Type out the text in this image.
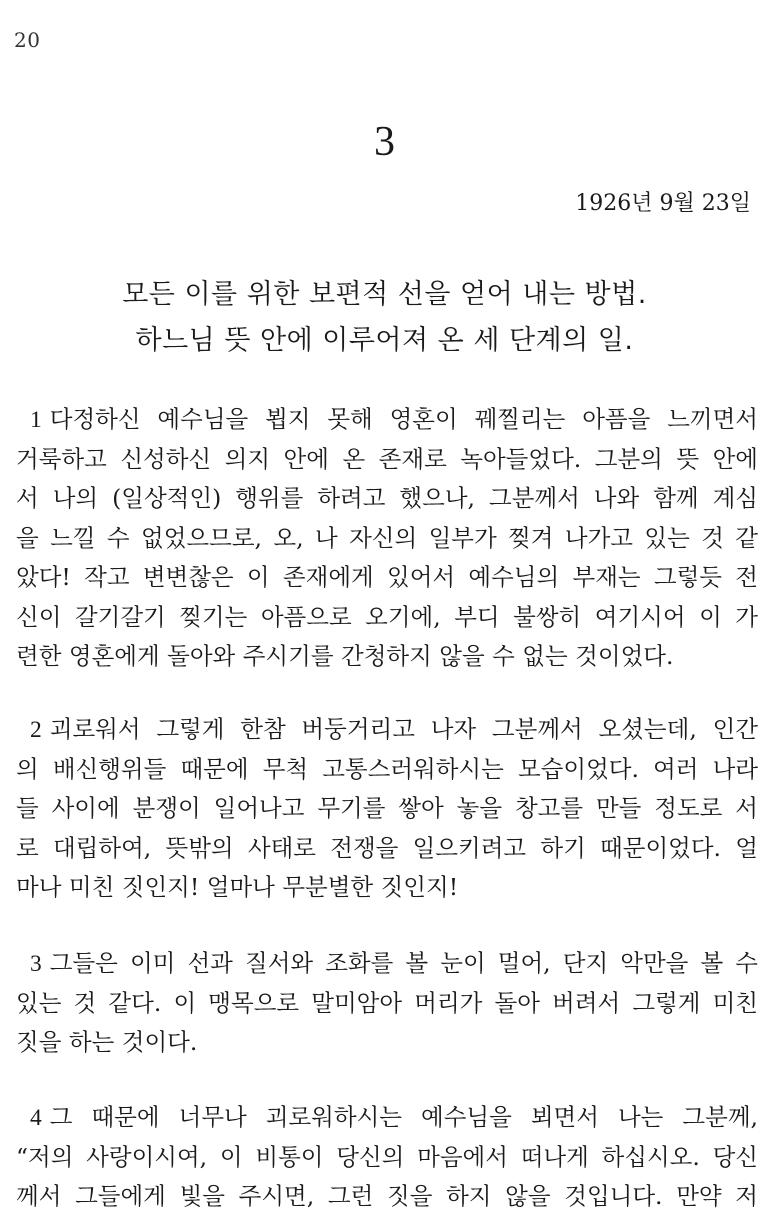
20
3
1926년 9월 23일
모든 이를 위한 보편적 선을 얻어 내는 방법.
하느님 뜻 안에 이루어져 온 세 단계의 일.
1 다정하신 예수님을 뵙지 못해 영혼이 꿰찔리는 아픔을 느끼면서
거룩하고 신성하신 의지 안에 온 존재로 녹아들었다. 그분의 뜻 안에
서 나의 (일상적인) 행위를 하려고 했으나, 그분께서 나와 함께 계심
을 느낄 수 없었으므로, 오, 나 자신의 일부가 찢겨 나가고 있는 것 같
았다! 작고 변변찮은 이 존재에게 있어서 예수님의 부재는 그렇듯 전
신이 갈기갈기 찢기는 아픔으로 오기에, 부디 불쌍히 여기시어 이 가
련한 영혼에게 돌아와 주시기를 간청하지 않을 수 없는 것이었다.
2 괴로워서 그렇게 한참 버둥거리고 나자 그분께서 오셨는데, 인간
의 배신행위들 때문에 무척 고통스러워하시는 모습이었다. 여러 나라
들 사이에 분쟁이 일어나고 무기를 쌓아 놓을 창고를 만들 정도로 서
로 대립하여, 뜻밖의 사태로 전쟁을 일으키려고 하기 때문이었다. 얼
마나 미친 짓인지! 얼마나 무분별한 짓인지!
3 그들은 이미 선과 질서와 조화를 볼 눈이 멀어, 단지 악만을 볼 수
있는 것 같다. 이 맹목으로 말미암아 머리가 돌아 버려서 그렇게 미친
짓을 하는 것이다.
4 그 때문에 너무나 괴로워하시는 예수님을 뵈면서 나는 그분께,
“저의 사랑이시여, 이 비통이 당신의 마음에서 떠나게 하십시오. 당신
께서 그들에게 빛을 주시면, 그런 짓을 하지 않을 것입니다. 만약 저
